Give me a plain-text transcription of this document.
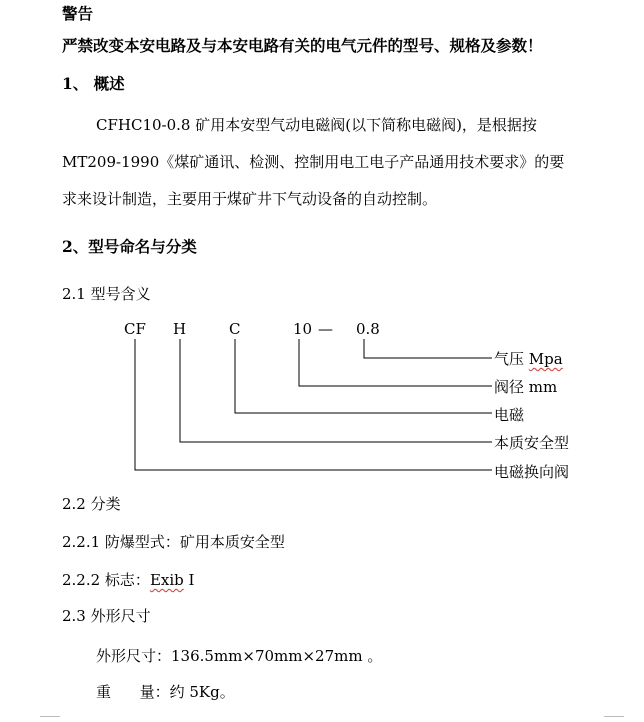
警告
严禁改变本安电路及与本安电路有关的电气元件的型号、规格及参数！
1、 概述
CFHC10-0.8 矿用本安型气动电磁阀(以下简称电磁阀)，是根据按
MT209-1990《煤矿通讯、检测、控制用电工电子产品通用技术要求》的要
求来设计制造，主要用于煤矿井下气动设备的自动控制。
2、型号命名与分类
2.1 型号含义
CF H	C	10 — 0.8
气压 Mpa
阀径 mm
电磁
本质安全型
电磁换向阀
2.2 分类
2.2.1 防爆型式：矿用本质安全型
2.2.2 标志：Exib I
2.3 外形尺寸
外形尺寸：136.5mm×70mm×27mm 。
重      量：约 5Kg。
